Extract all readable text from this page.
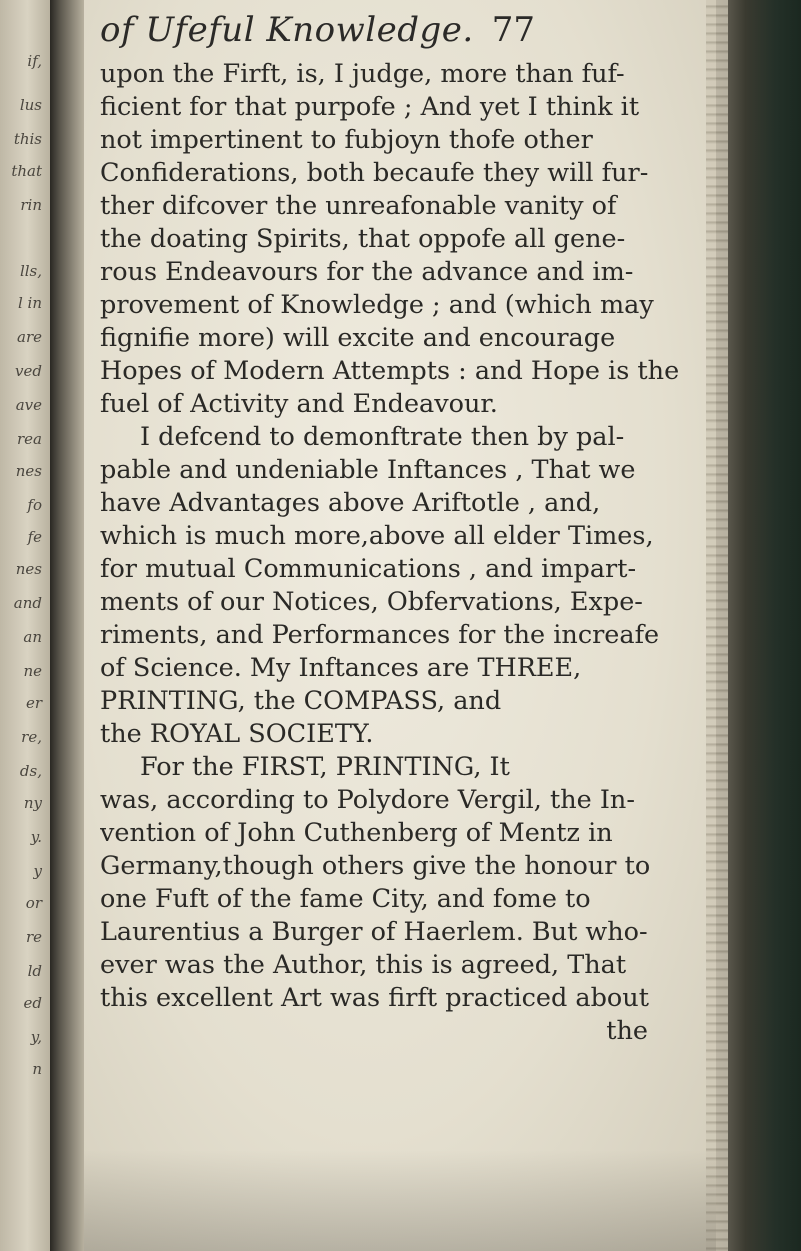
if,
lus
this
that
rin
lls,
l in
are
ved
ave
rea
nes
fo
fe
nes
and
an
ne
er
re,
ds,
ny
y.
y
or
re
ld
ed
y,
n
of Ufeful Knowledge. 77
upon the Firft, is, I judge, more than fuf-
ficient for that purpofe ; And yet I think it
not impertinent to fubjoyn thofe other
Confiderations, both becaufe they will fur-
ther difcover the unreafonable vanity of
the doating Spirits, that oppofe all gene-
rous Endeavours for the advance and im-
provement of Knowledge ; and (which may
fignifie more) will excite and encourage
Hopes of Modern Attempts : and Hope is the
fuel of Activity and Endeavour.
I defcend to demonftrate then by pal-
pable and undeniable Inftances , That we
have Advantages above Ariftotle , and,
which is much more,above all elder Times,
for mutual Communications , and impart-
ments of our Notices, Obfervations, Expe-
riments, and Performances for the increafe
of Science. My Inftances are THREE,
PRINTING, the COMPASS, and
the ROYAL SOCIETY.
For the FIRST, PRINTING, It
was, according to Polydore Vergil, the In-
vention of John Cuthenberg of Mentz in
Germany,though others give the honour to
one Fuft of the fame City, and fome to
Laurentius a Burger of Haerlem. But who-
ever was the Author, this is agreed, That
this excellent Art was firft practiced about
the
